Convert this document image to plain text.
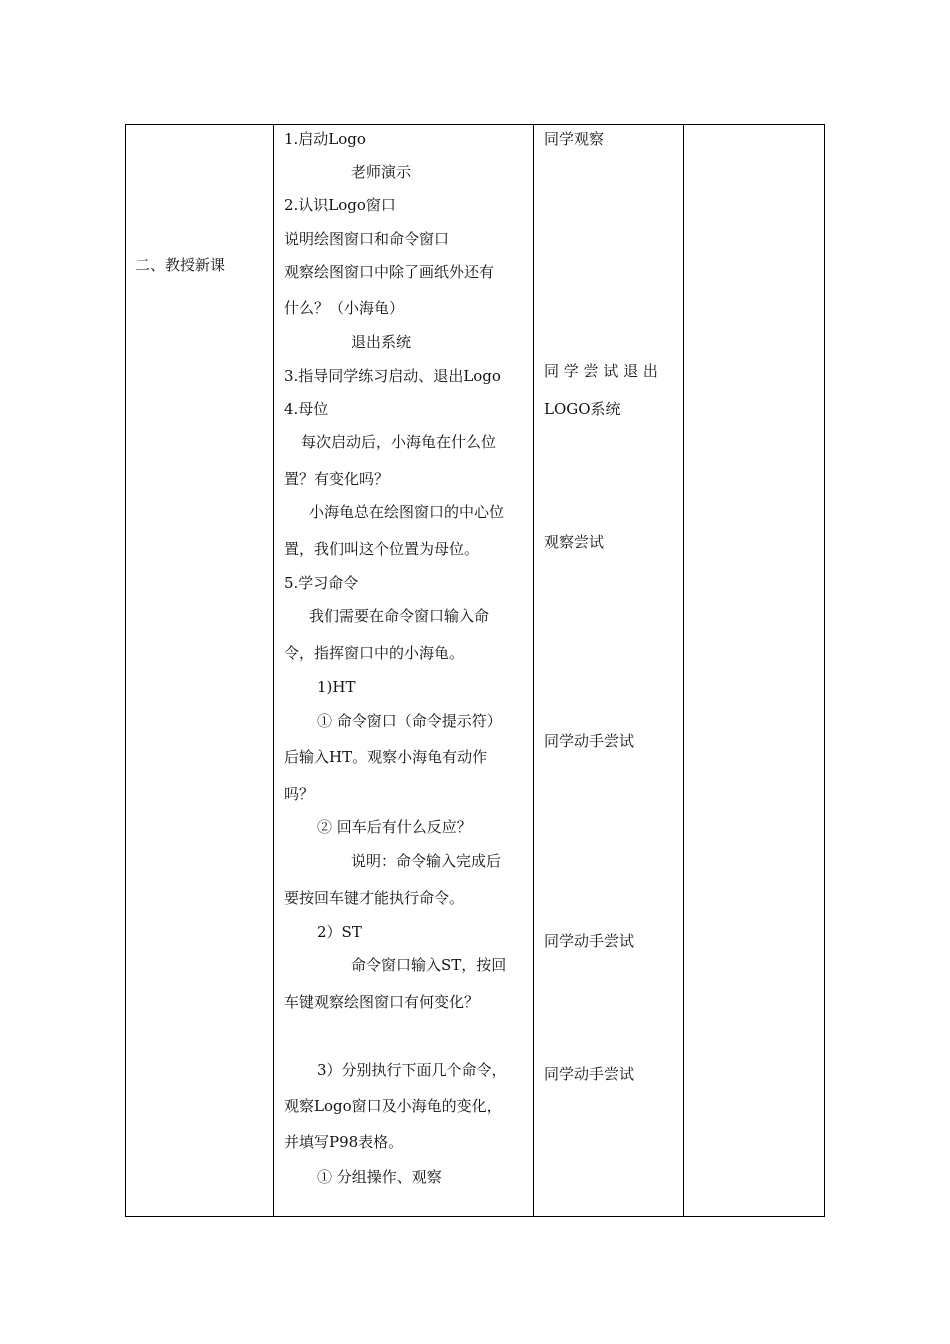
二、教授新课
1.启动Logo
老师演示
2.认识Logo窗口
说明绘图窗口和命令窗口
观察绘图窗口中除了画纸外还有
什么？（小海龟）
退出系统
3.指导同学练习启动、退出Logo
4.母位
每次启动后，小海龟在什么位
置？有变化吗？
小海龟总在绘图窗口的中心位
置，我们叫这个位置为母位。
5.学习命令
我们需要在命令窗口输入命
令，指挥窗口中的小海龟。
1)HT
① 命令窗口（命令提示符）
后输入HT。观察小海龟有动作
吗？
② 回车后有什么反应？
说明：命令输入完成后
要按回车键才能执行命令。
2）ST
命令窗口输入ST，按回
车键观察绘图窗口有何变化？
3）分别执行下面几个命令，
观察Logo窗口及小海龟的变化，
并填写P98表格。
① 分组操作、观察
同学观察
同 学 尝 试 退 出
LOGO系统
观察尝试
同学动手尝试
同学动手尝试
同学动手尝试
